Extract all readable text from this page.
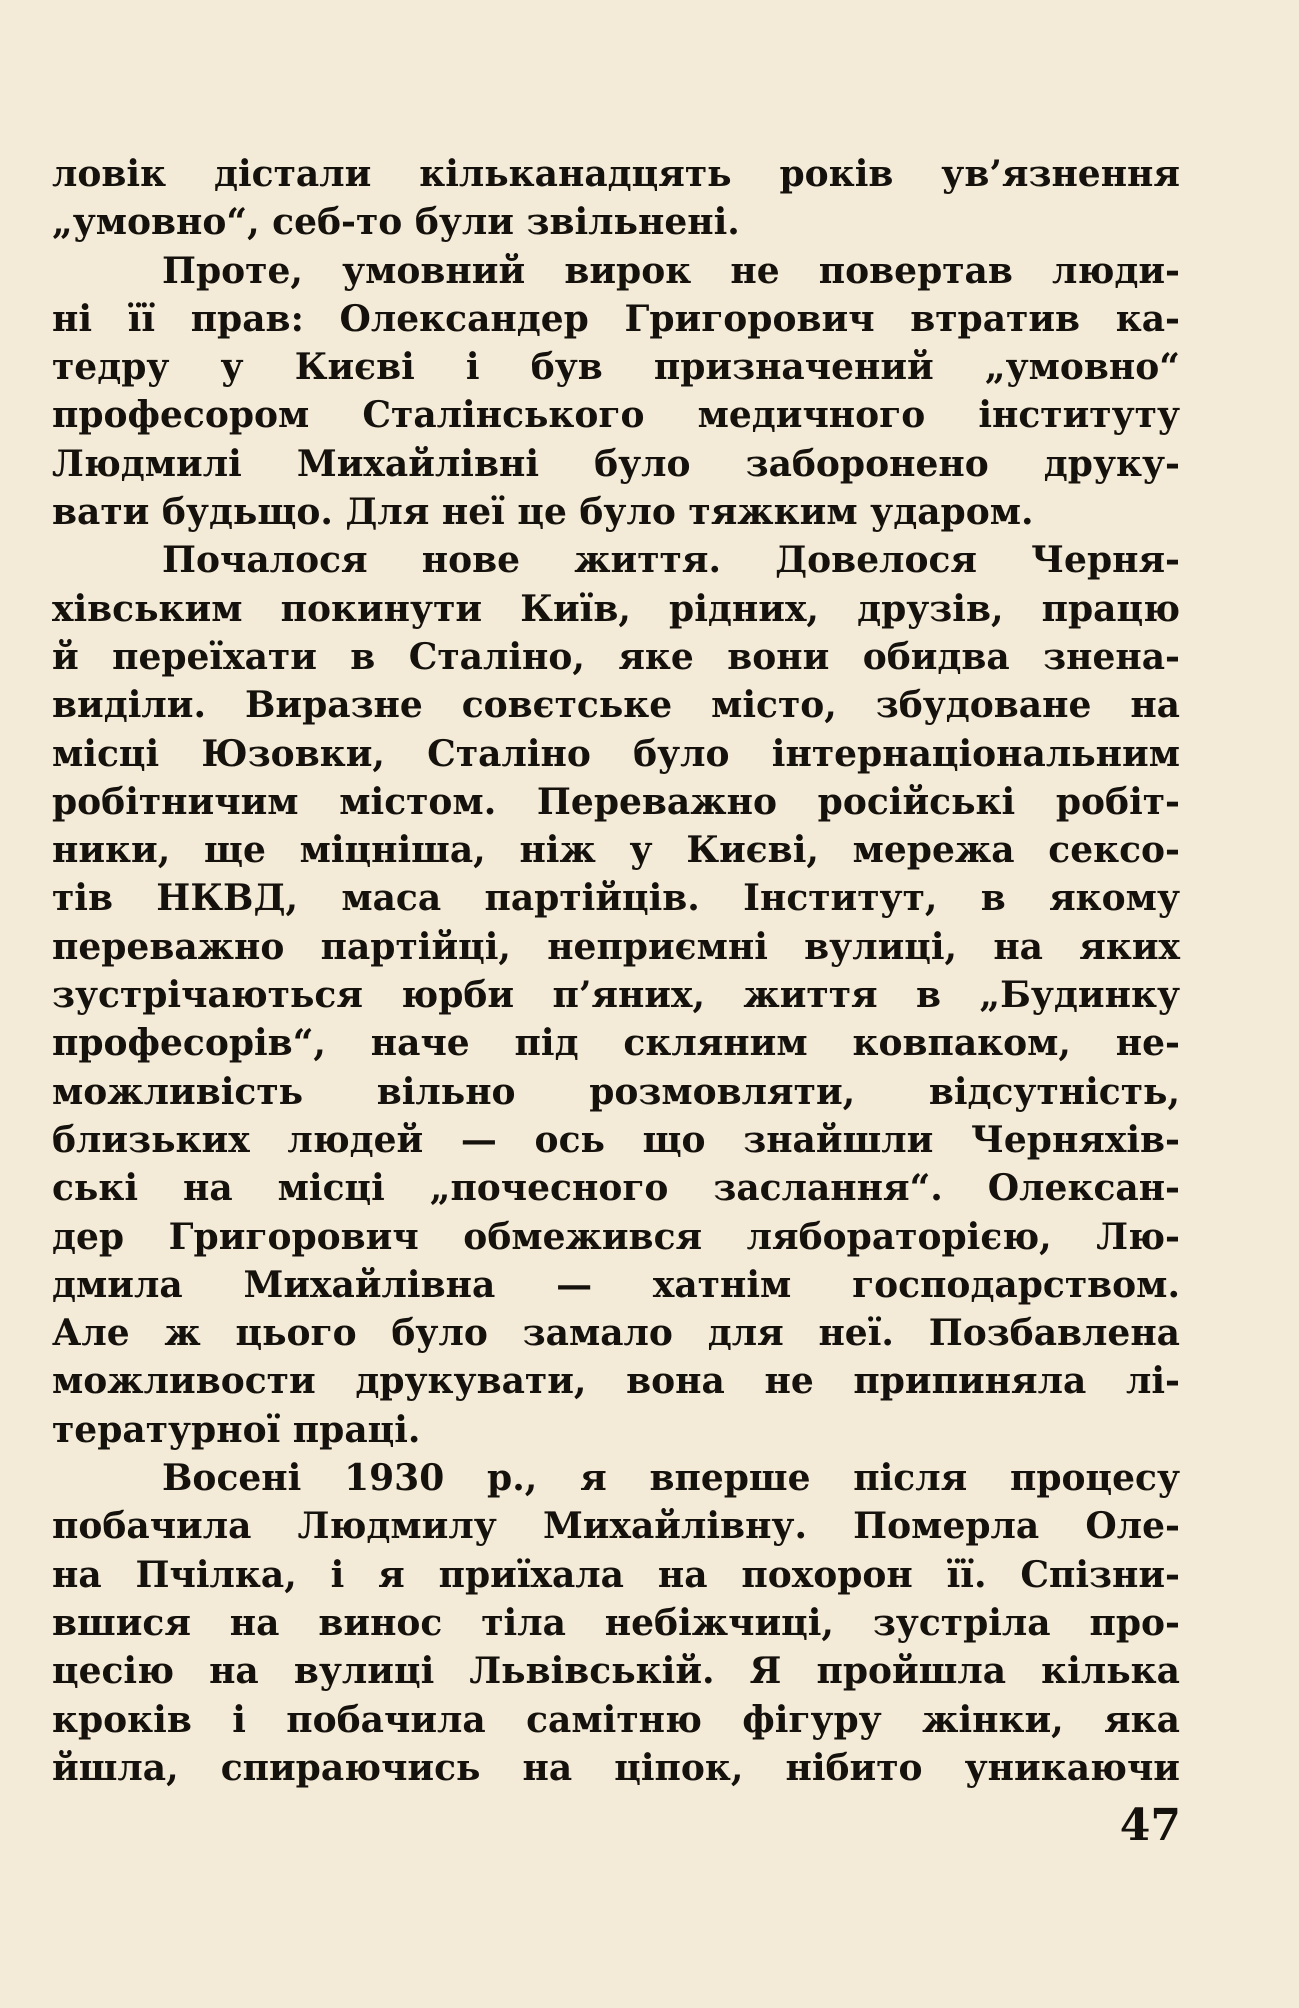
ловік дістали кільканадцять років ув’язнення
„умовно“, себ-то були звільнені.
Проте, умовний вирок не повертав люди-
ні її прав: Олександер Григорович втратив ка-
тедру у Києві і був призначений „умовно“
професором Сталінського медичного інституту
Людмилі Михайлівні було заборонено друку-
вати будьщо. Для неї це було тяжким ударом.
Почалося нове життя. Довелося Черня-
хівським покинути Київ, рідних, друзів, працю
й переїхати в Сталіно, яке вони обидва знена-
виділи. Виразне совєтське місто, збудоване на
місці Юзовки, Сталіно було інтернаціональним
робітничим містом. Переважно російські робіт-
ники, ще міцніша, ніж у Києві, мережа сексо-
тів НКВД, маса партійців. Інститут, в якому
переважно партійці, неприємні вулиці, на яких
зустрічаються юрби п’яних, життя в „Будинку
професорів“, наче під скляним ковпаком, не-
можливість вільно розмовляти, відсутність,
близьких людей — ось що знайшли Черняхів-
ські на місці „почесного заслання“. Олексан-
дер Григорович обмежився ляборaторією, Лю-
дмила Михайлівна — хатнім господарством.
Але ж цього було замало для неї. Позбавлена
можливости друкувати, вона не припиняла лі-
тературної праці.
Восені 1930 р., я вперше після процесу
побачила Людмилу Михайлівну. Померла Оле-
на Пчілка, і я приїхала на похорон її. Спізни-
вшися на винос тіла небіжчиці, зустріла про-
цесію на вулиці Львівській. Я пройшла кілька
кроків і побачила самітню фігуру жінки, яка
йшла, спираючись на ціпок, нібито уникаючи
47
